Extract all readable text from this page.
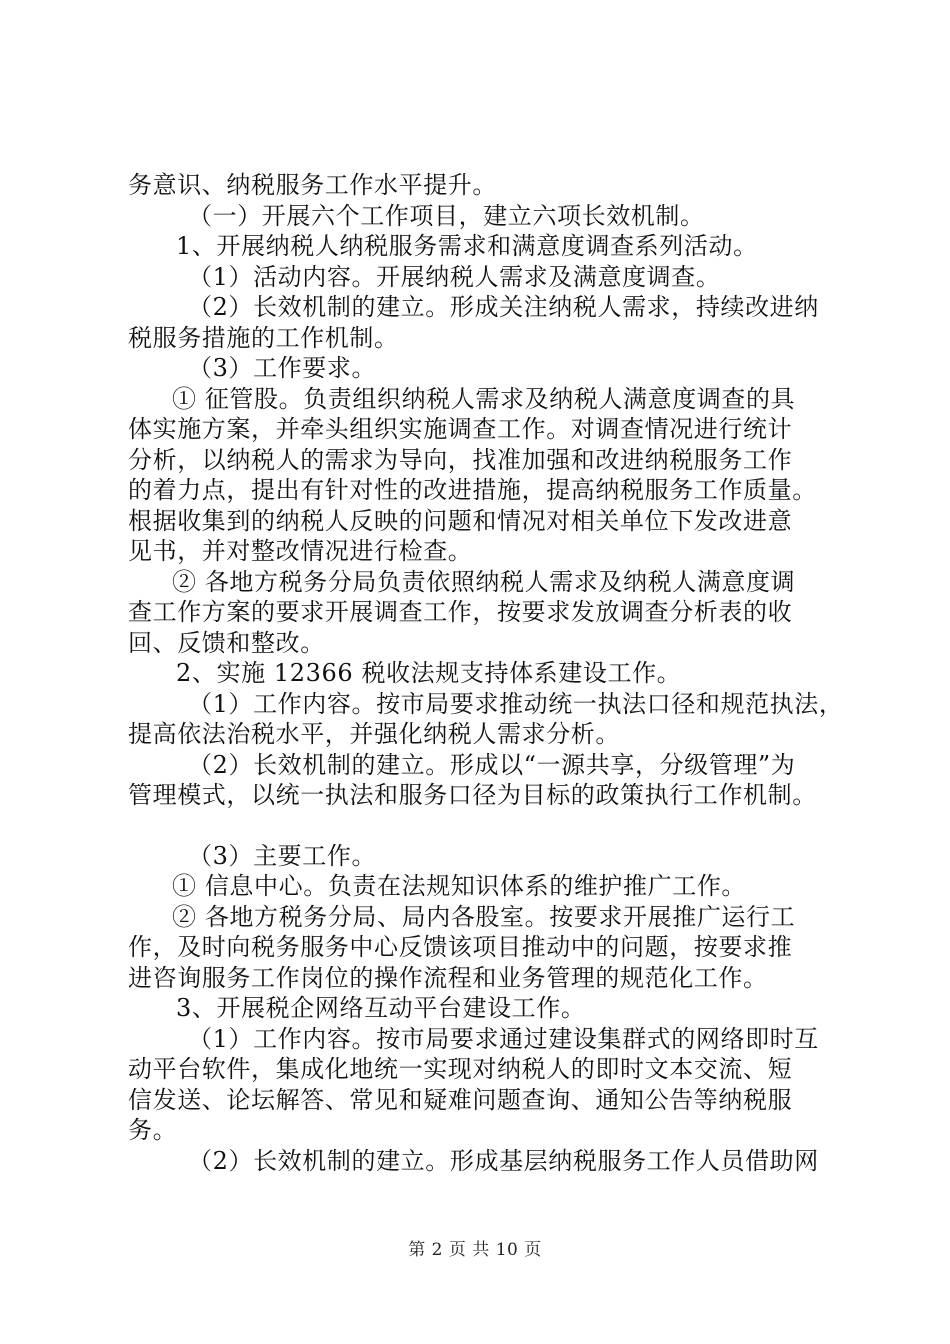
务意识、纳税服务工作水平提升。
（一）开展六个工作项目，建立六项长效机制。
1、开展纳税人纳税服务需求和满意度调查系列活动。
（1）活动内容。开展纳税人需求及满意度调查。
（2）长效机制的建立。形成关注纳税人需求，持续改进纳
税服务措施的工作机制。
（3）工作要求。
① 征管股。负责组织纳税人需求及纳税人满意度调查的具
体实施方案，并牵头组织实施调查工作。对调查情况进行统计
分析，以纳税人的需求为导向，找准加强和改进纳税服务工作
的着力点，提出有针对性的改进措施，提高纳税服务工作质量。
根据收集到的纳税人反映的问题和情况对相关单位下发改进意
见书，并对整改情况进行检查。
② 各地方税务分局负责依照纳税人需求及纳税人满意度调
查工作方案的要求开展调查工作，按要求发放调查分析表的收
回、反馈和整改。
2、实施 12366 税收法规支持体系建设工作。
（1）工作内容。按市局要求推动统一执法口径和规范执法，
提高依法治税水平，并强化纳税人需求分析。
（2）长效机制的建立。形成以“一源共享，分级管理”为
管理模式，以统一执法和服务口径为目标的政策执行工作机制。
（3）主要工作。
① 信息中心。负责在法规知识体系的维护推广工作。
② 各地方税务分局、局内各股室。按要求开展推广运行工
作，及时向税务服务中心反馈该项目推动中的问题，按要求推
进咨询服务工作岗位的操作流程和业务管理的规范化工作。
3、开展税企网络互动平台建设工作。
（1）工作内容。按市局要求通过建设集群式的网络即时互
动平台软件，集成化地统一实现对纳税人的即时文本交流、短
信发送、论坛解答、常见和疑难问题查询、通知公告等纳税服
务。
（2）长效机制的建立。形成基层纳税服务工作人员借助网
第 2 页 共 10 页
